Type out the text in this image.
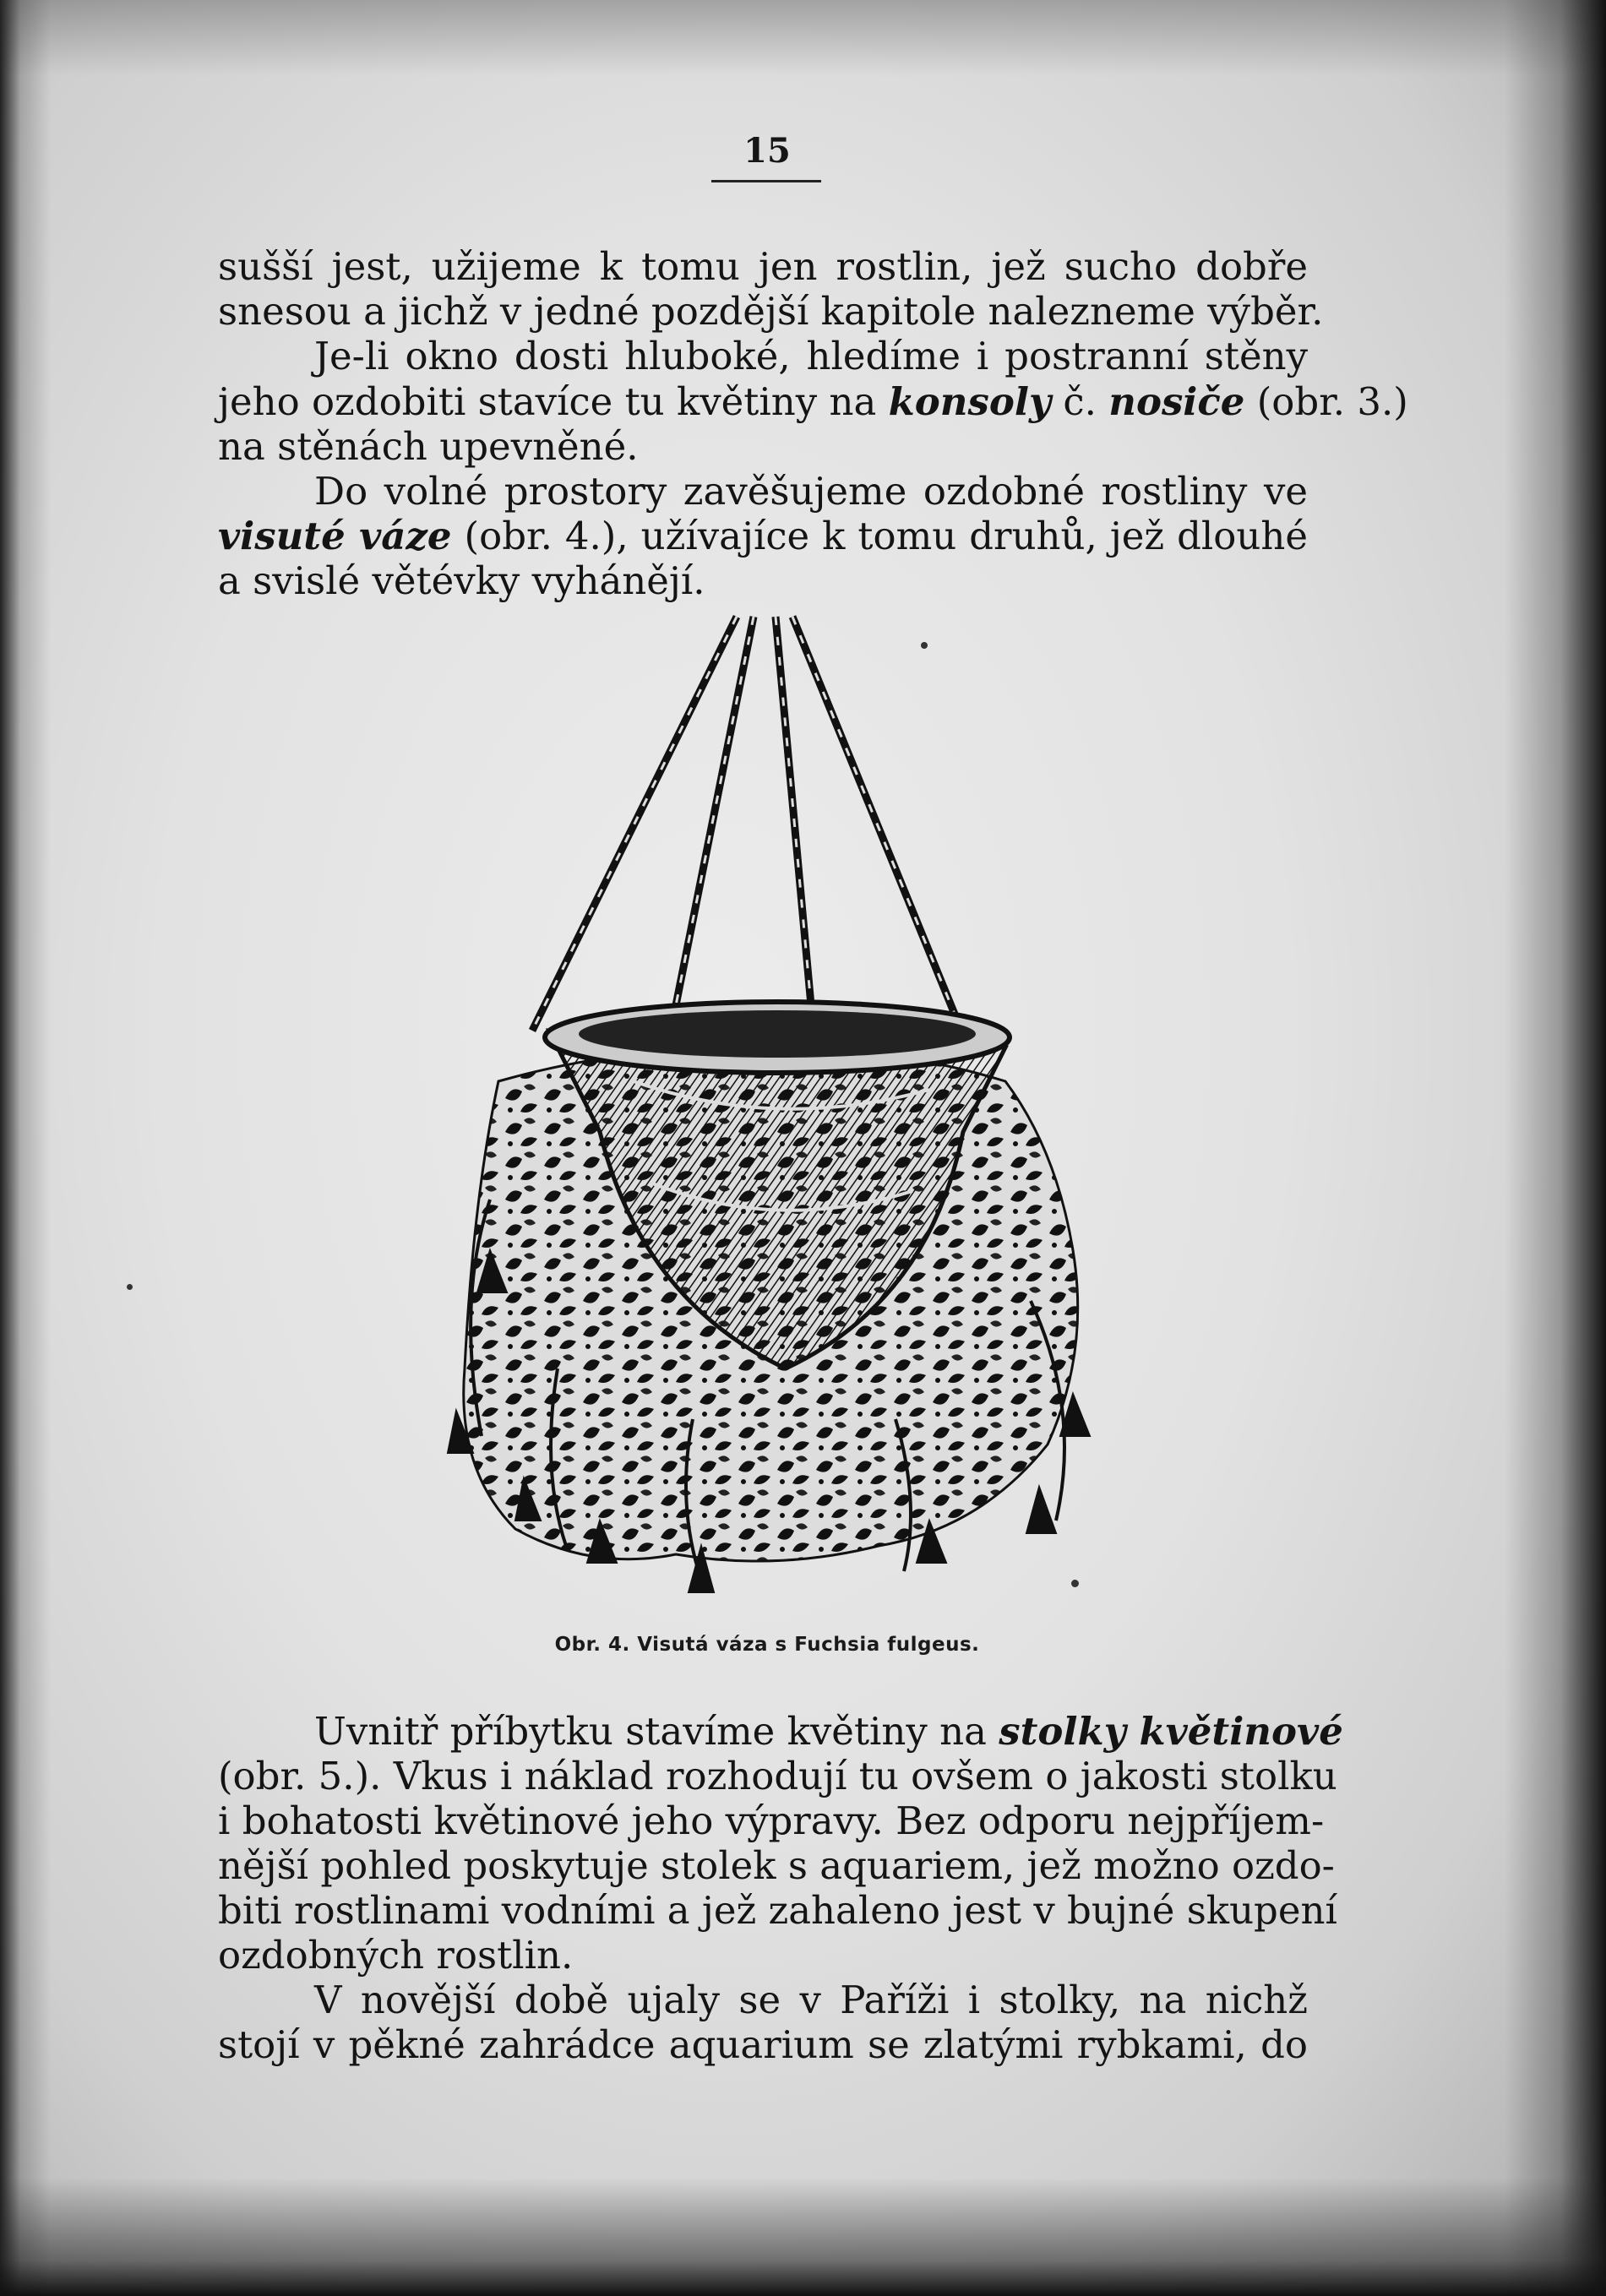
15
sušší jest, užijeme k tomu jen rostlin, jež sucho dobře
snesou a jichž v jedné pozdější kapitole nalezneme výběr.
Je-li okno dosti hluboké, hledíme i postranní stěny
jeho ozdobiti stavíce tu květiny na konsoly č. nosiče (obr. 3.)
na stěnách upevněné.
Do volné prostory zavěšujeme ozdobné rostliny ve
visuté váze (obr. 4.), užívajíce k tomu druhů, jež dlouhé
a svislé větévky vyhánějí.
Obr. 4. Visutá váza s Fuchsia fulgeus.
Uvnitř příbytku stavíme květiny na stolky květinové
(obr. 5.). Vkus i náklad rozhodují tu ovšem o jakosti stolku
i bohatosti květinové jeho výpravy. Bez odporu nejpříjem-
nější pohled poskytuje stolek s aquariem, jež možno ozdo-
biti rostlinami vodními a jež zahaleno jest v bujné skupení
ozdobných rostlin.
V novější době ujaly se v Paříži i stolky, na nichž
stojí v pěkné zahrádce aquarium se zlatými rybkami, do
